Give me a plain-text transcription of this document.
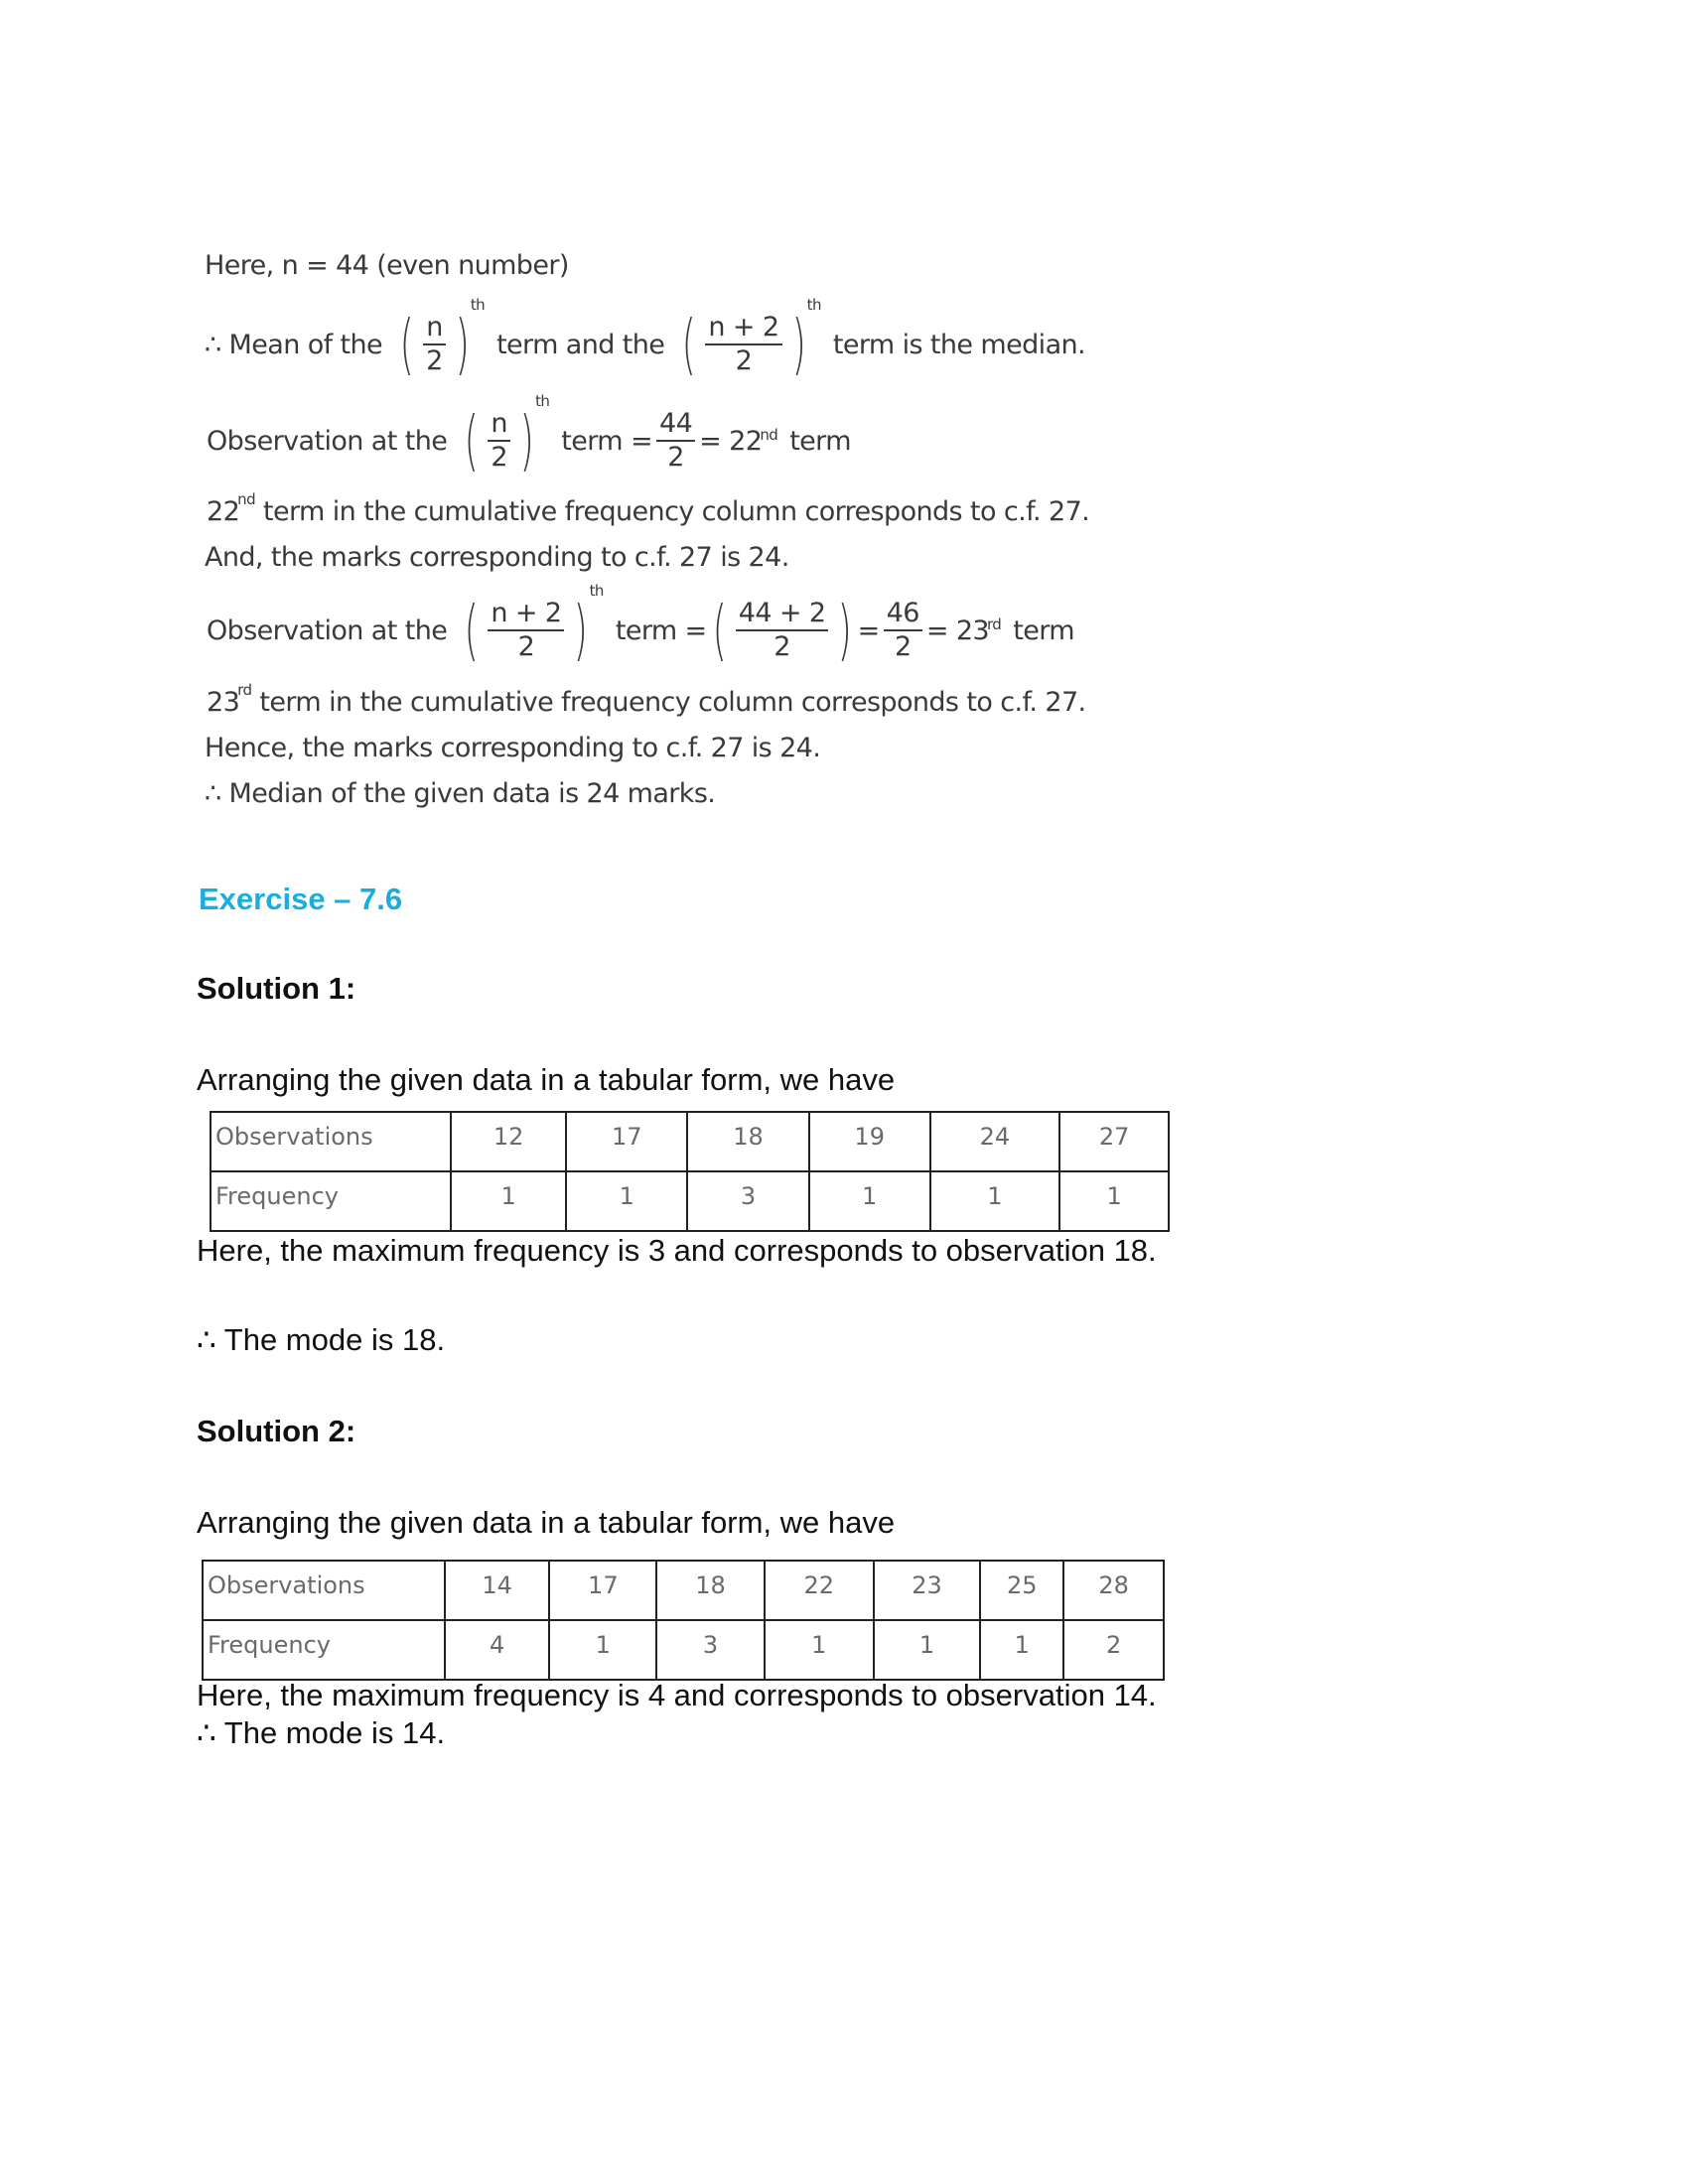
Here, n = 44 (even number)
∴ Mean of the ( $\frac{n}{2}$ )
th
term and the ( $\frac{n + 2}{2}$ )
th
term is the median.
Observation at the ( $\frac{n}{2}$ )
th
term = $\frac{44}{2} = 22$
nd term
22nd term in the cumulative frequency column corresponds to c.f. 27.
And, the marks corresponding to c.f. 27 is 24.
Observation at the ( $\frac{n + 2}{2}$ )
th
term = ( $\frac{44 + 2}{2}$ ) = $\frac{46}{2} = 23$
rd term
23rd term in the cumulative frequency column corresponds to c.f. 27.
Hence, the marks corresponding to c.f. 27 is 24.
∴ Median of the given data is 24 marks.
Exercise – 7.6
Solution 1:
Arranging the given data in a tabular form, we have
Observations	12	17	18	19	24	27
Frequency	1	1	3	1	1	1
Here, the maximum frequency is 3 and corresponds to observation 18.
∴ The mode is 18.
Solution 2:
Arranging the given data in a tabular form, we have
Observations	14	17	18	22	23	25	28
Frequency	4	1	3	1	1	1	2
Here, the maximum frequency is 4 and corresponds to observation 14.
∴ The mode is 14.
